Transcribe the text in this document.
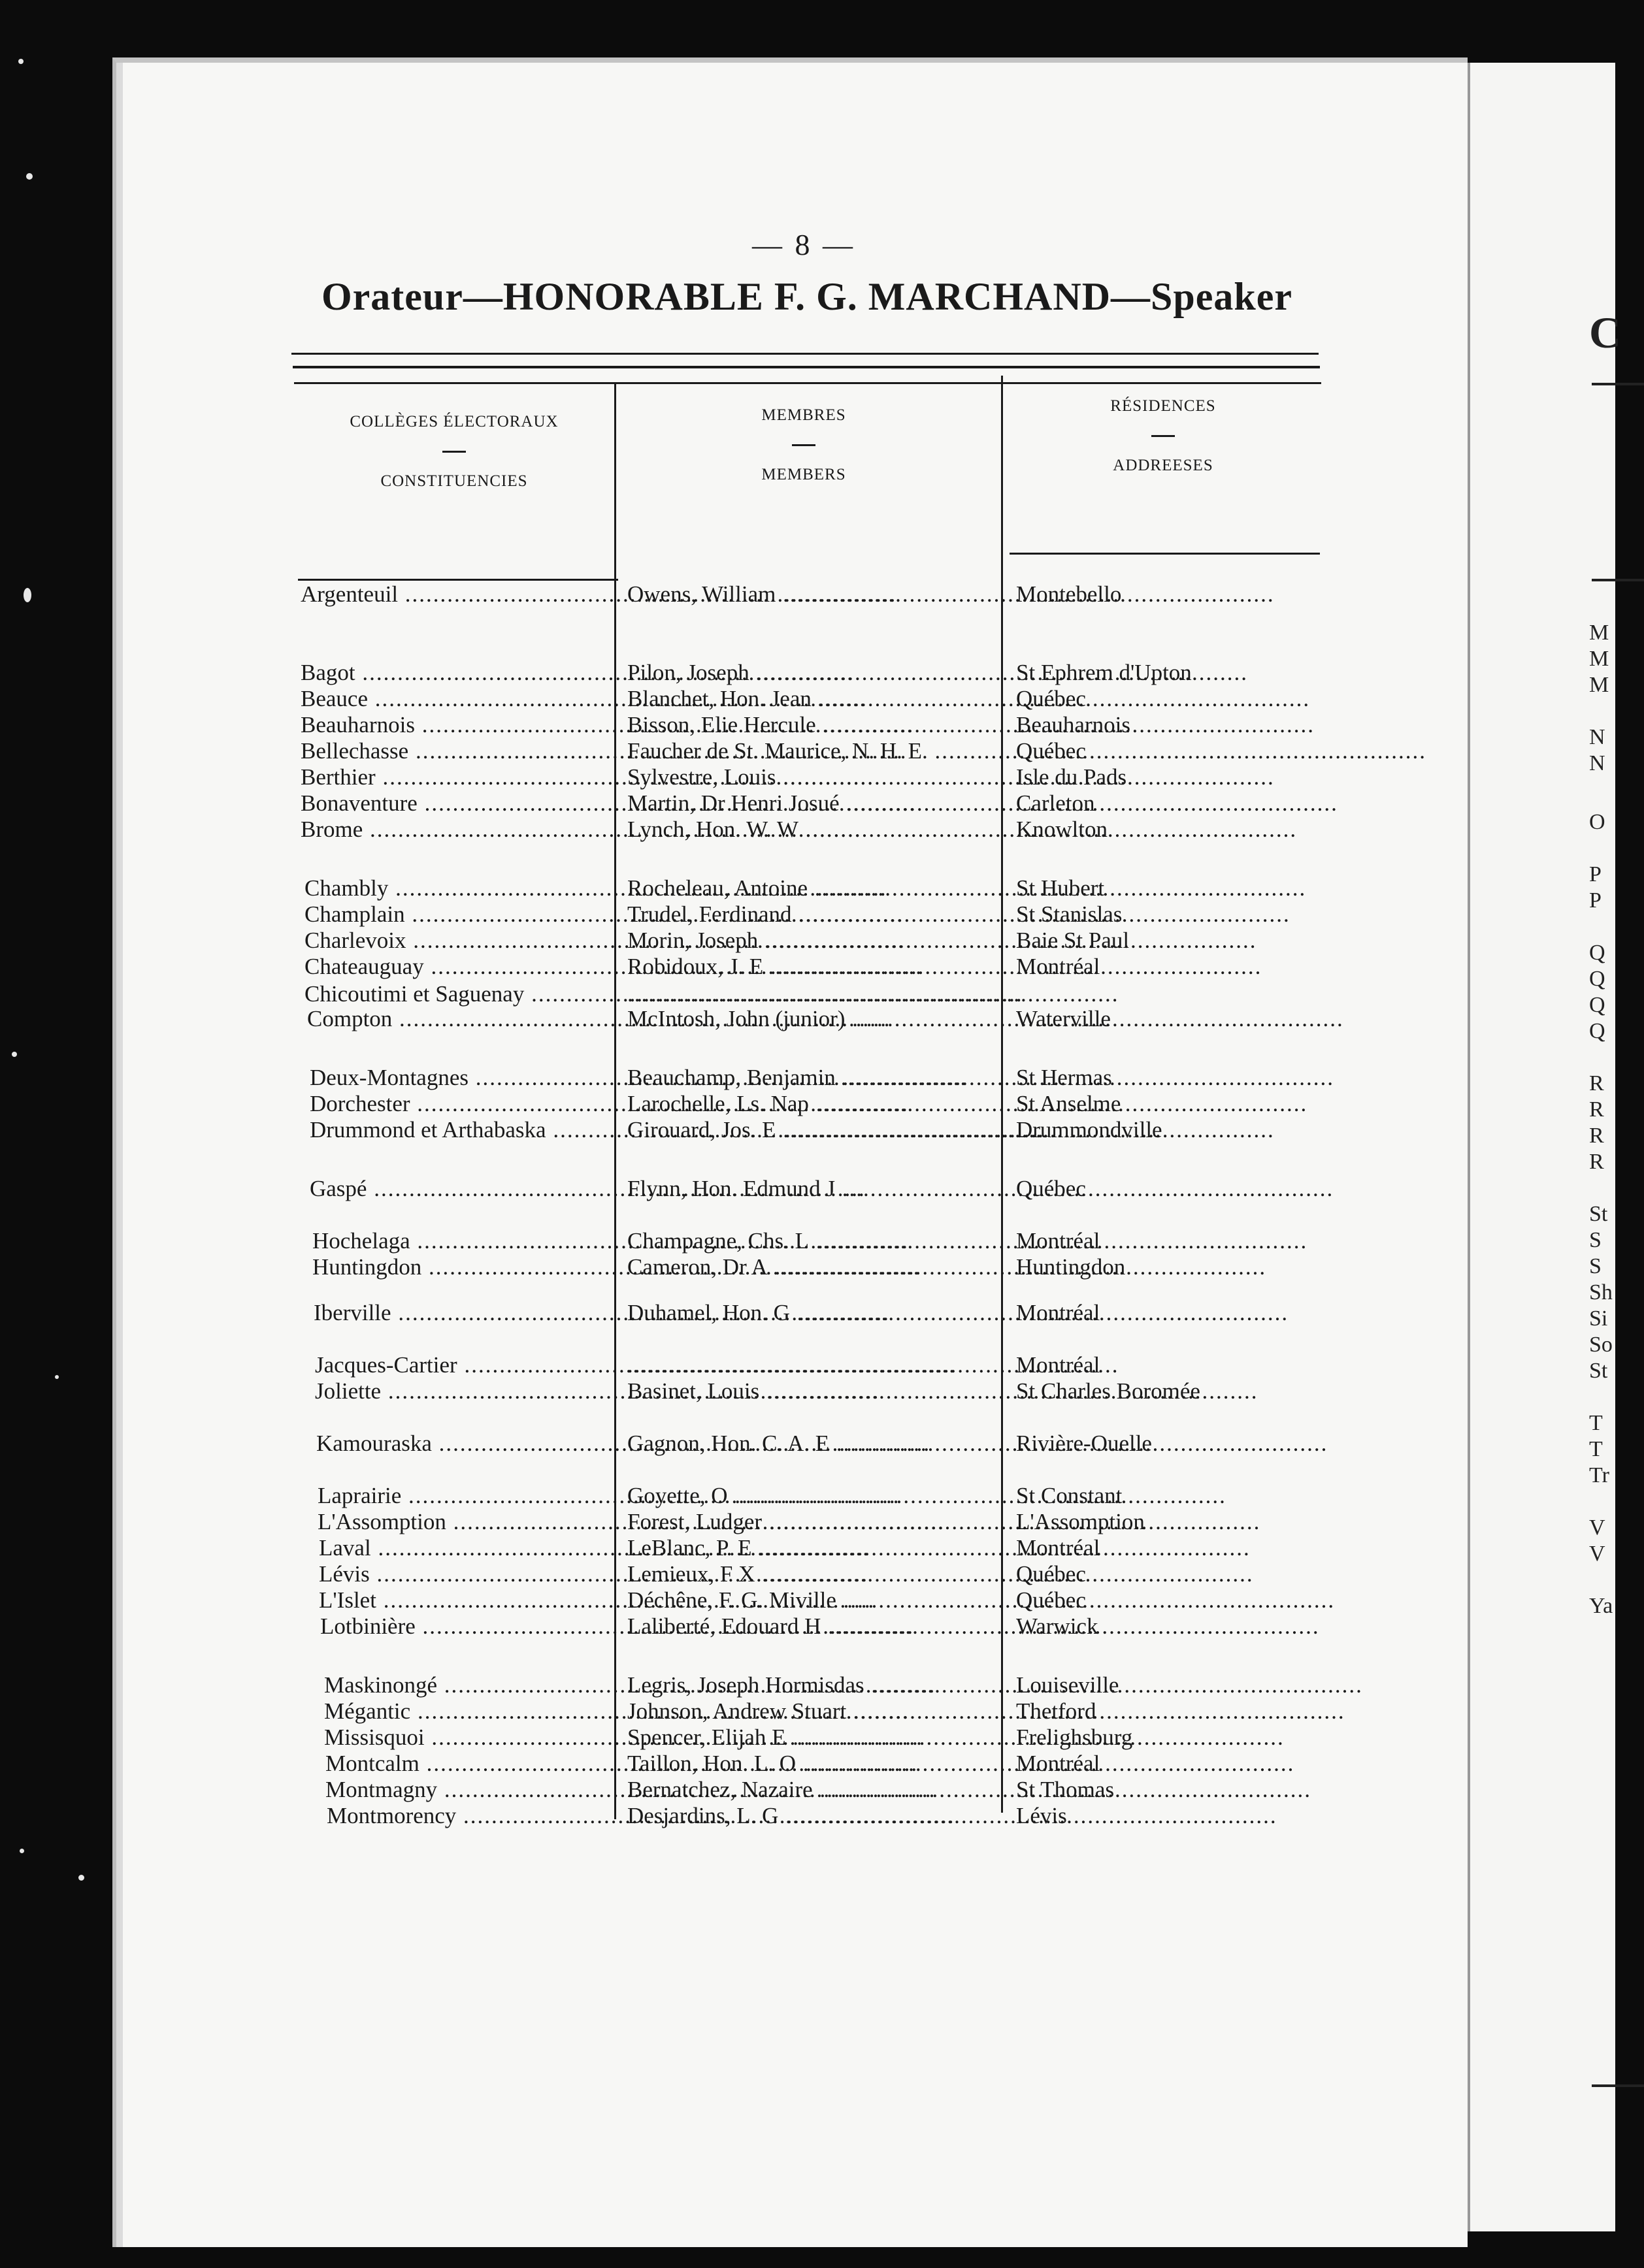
C
M
M
M
N
N
O
P
P
Q
Q
Q
Q
R
R
R
R
St
S
S
Sh
Si
So
St
T
T
Tr
V
V
Ya
— 8 —
Orateur—HONORABLE F. G. MARCHAND—Speaker
COLLÈGES ÉLECTORAUX
CONSTITUENCIES
MEMBRES
MEMBERS
RÉSIDENCES
ADDREESES
Argenteuil .....	Owens, William .....	Montebello
Bagot .....	Pilon, Joseph .....	St Ephrem d'Upton
Beauce .....	Blanchet, Hon. Jean .....	Québec
Beauharnois .....	Bisson, Elie Hercule .....	Beauharnois
Bellechasse .....	Faucher de St. Maurice, N. H. E. .....	Québec
Berthier .....	Sylvestre, Louis .....	Isle du Pads
Bonaventure .....	Martin, Dr Henri Josué .....	Carleton
Brome .....	Lynch, Hon. W. W .....	Knowlton
Chambly .....	Rocheleau, Antoine .....	St Hubert
Champlain .....	Trudel, Ferdinand .....	St Stanislas
Charlevoix .....	Morin, Joseph .....	Baie St Paul
Chateauguay .....	Robidoux, J. E .....	Montréal
Chicoutimi et Saguenay .....
.....
Compton .....	McIntosh, John (junior) .....	Waterville
Deux-Montagnes .....	Beauchamp, Benjamin .....	St Hermas
Dorchester .....	Larochelle, Ls. Nap .....	St Anselme
Drummond et Arthabaska .....	Girouard, Jos. E .....	Drummondville
Gaspé .....	Flynn, Hon. Edmund J .....	Québec
Hochelaga .....	Champagne, Chs. L .....	Montréal
Huntingdon .....	Cameron, Dr A .....	Huntingdon
Iberville .....	Duhamel, Hon. G .....	Montréal
Jacques-Cartier .....
.....	Montréal
Joliette .....	Basinet, Louis .....	St Charles Boromée
Kamouraska .....	Gagnon, Hon. C. A. E .....	Rivière-Ouelle
Laprairie .....	Goyette, O .....	St Constant
L'Assomption .....	Forest, Ludger .....	L'Assomption
Laval .....	LeBlanc, P. E .....	Montréal
Lévis .....	Lemieux, F X .....	Québec
L'Islet .....	Déchêne, F. G. Miville .....	Québec
Lotbinière .....	Laliberté, Edouard H .....	Warwick
Maskinongé .....	Legris, Joseph Hormisdas .....	Louiseville
Mégantic .....	Johnson, Andrew Stuart .....	Thetford
Missisquoi .....	Spencer, Elijah E .....	Frelighsburg
Montcalm .....	Taillon, Hon. L. O .....	Montréal
Montmagny .....	Bernatchez, Nazaire .....	St Thomas
Montmorency .....	Desjardins, L. G .....	Lévis
